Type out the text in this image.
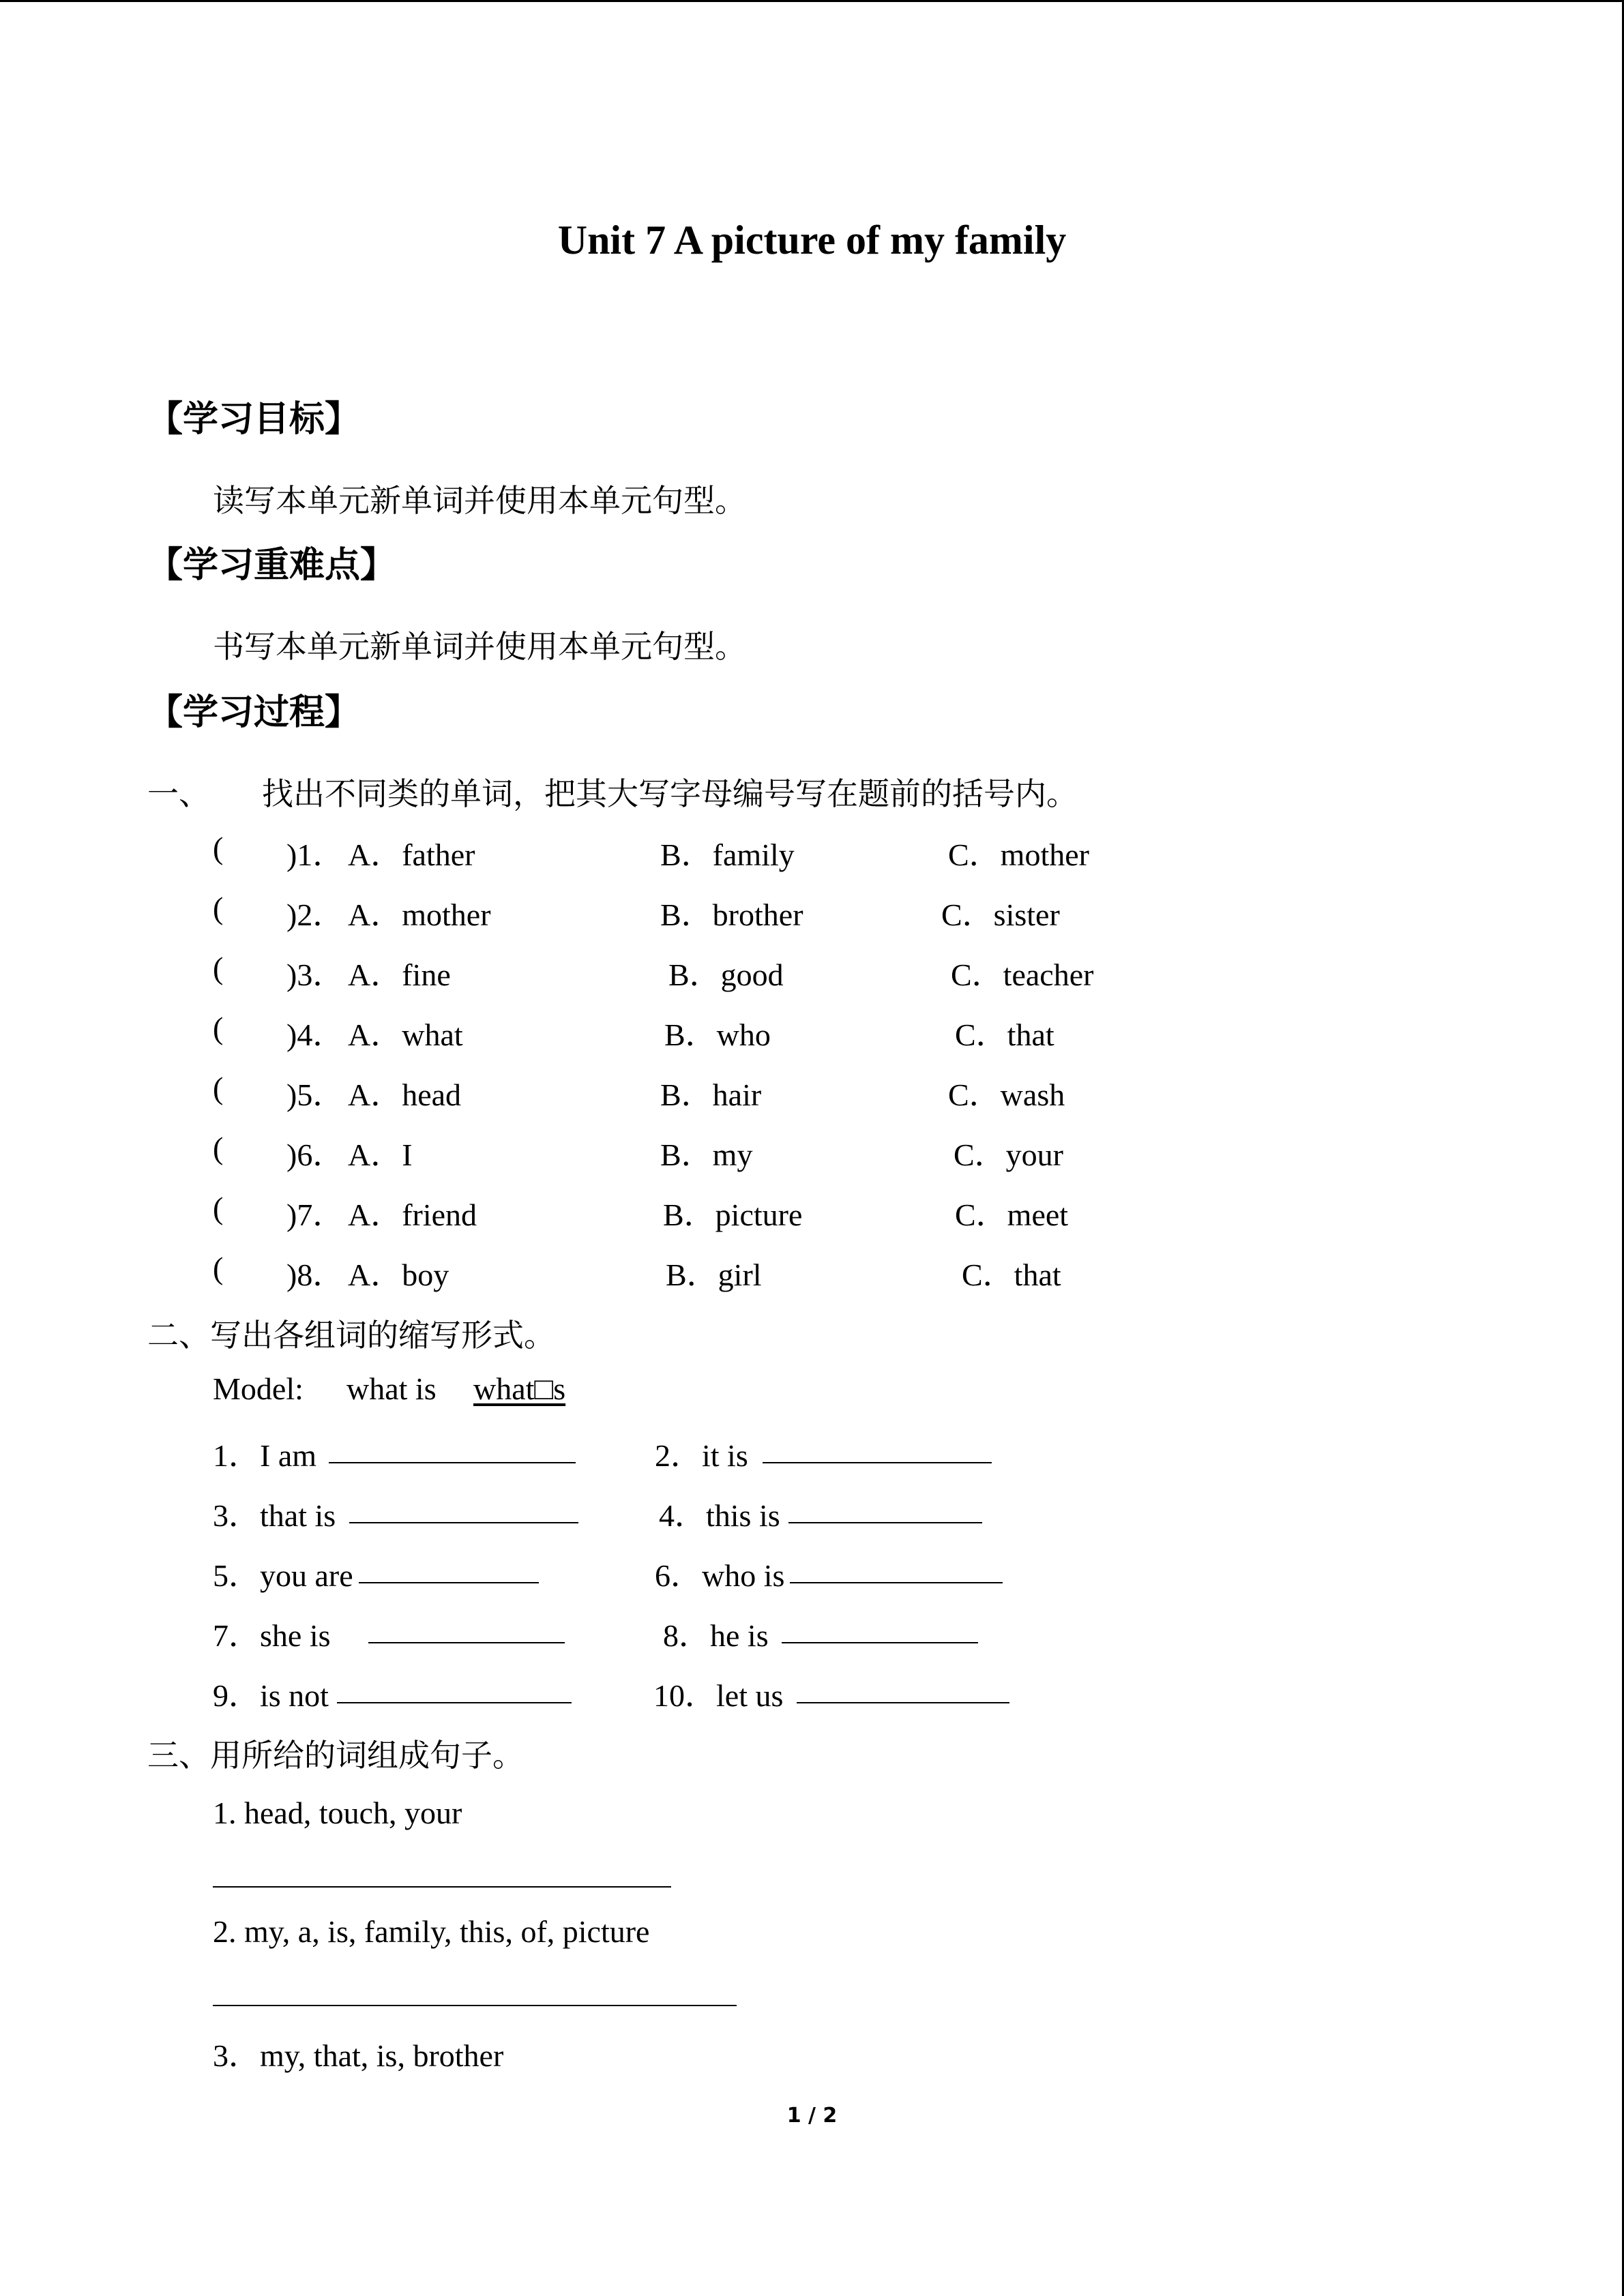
Unit 7 A picture of my family
【学习目标】
读写本单元新单词并使用本单元句型。
【学习重难点】
书写本单元新单词并使用本单元句型。
【学习过程】
一、 找出不同类的单词，把其大写字母编号写在题前的括号内。
( )1． A．father	B．family	C．mother
( )2． A．mother	B．brother	C．sister
( )3． A．fine	B．good	C．teacher
( )4． A．what	B．who	C．that
( )5． A．head	B．hair	C．wash
( )6． A．I	B．my	C．your
( )7． A．friend	B．picture	C．meet
( )8． A．boy	B．girl	C．that
二、写出各组词的缩写形式。
Model: what is what□s
1．I am	2．it is
3．that is	4．this is
5．you are	6．who is
7．she is	8．he is
9．is not	10．let us
三、用所给的词组成句子。
1. head, touch, your
2. my, a, is, family, this, of, picture
3．my, that, is, brother
1 / 2
